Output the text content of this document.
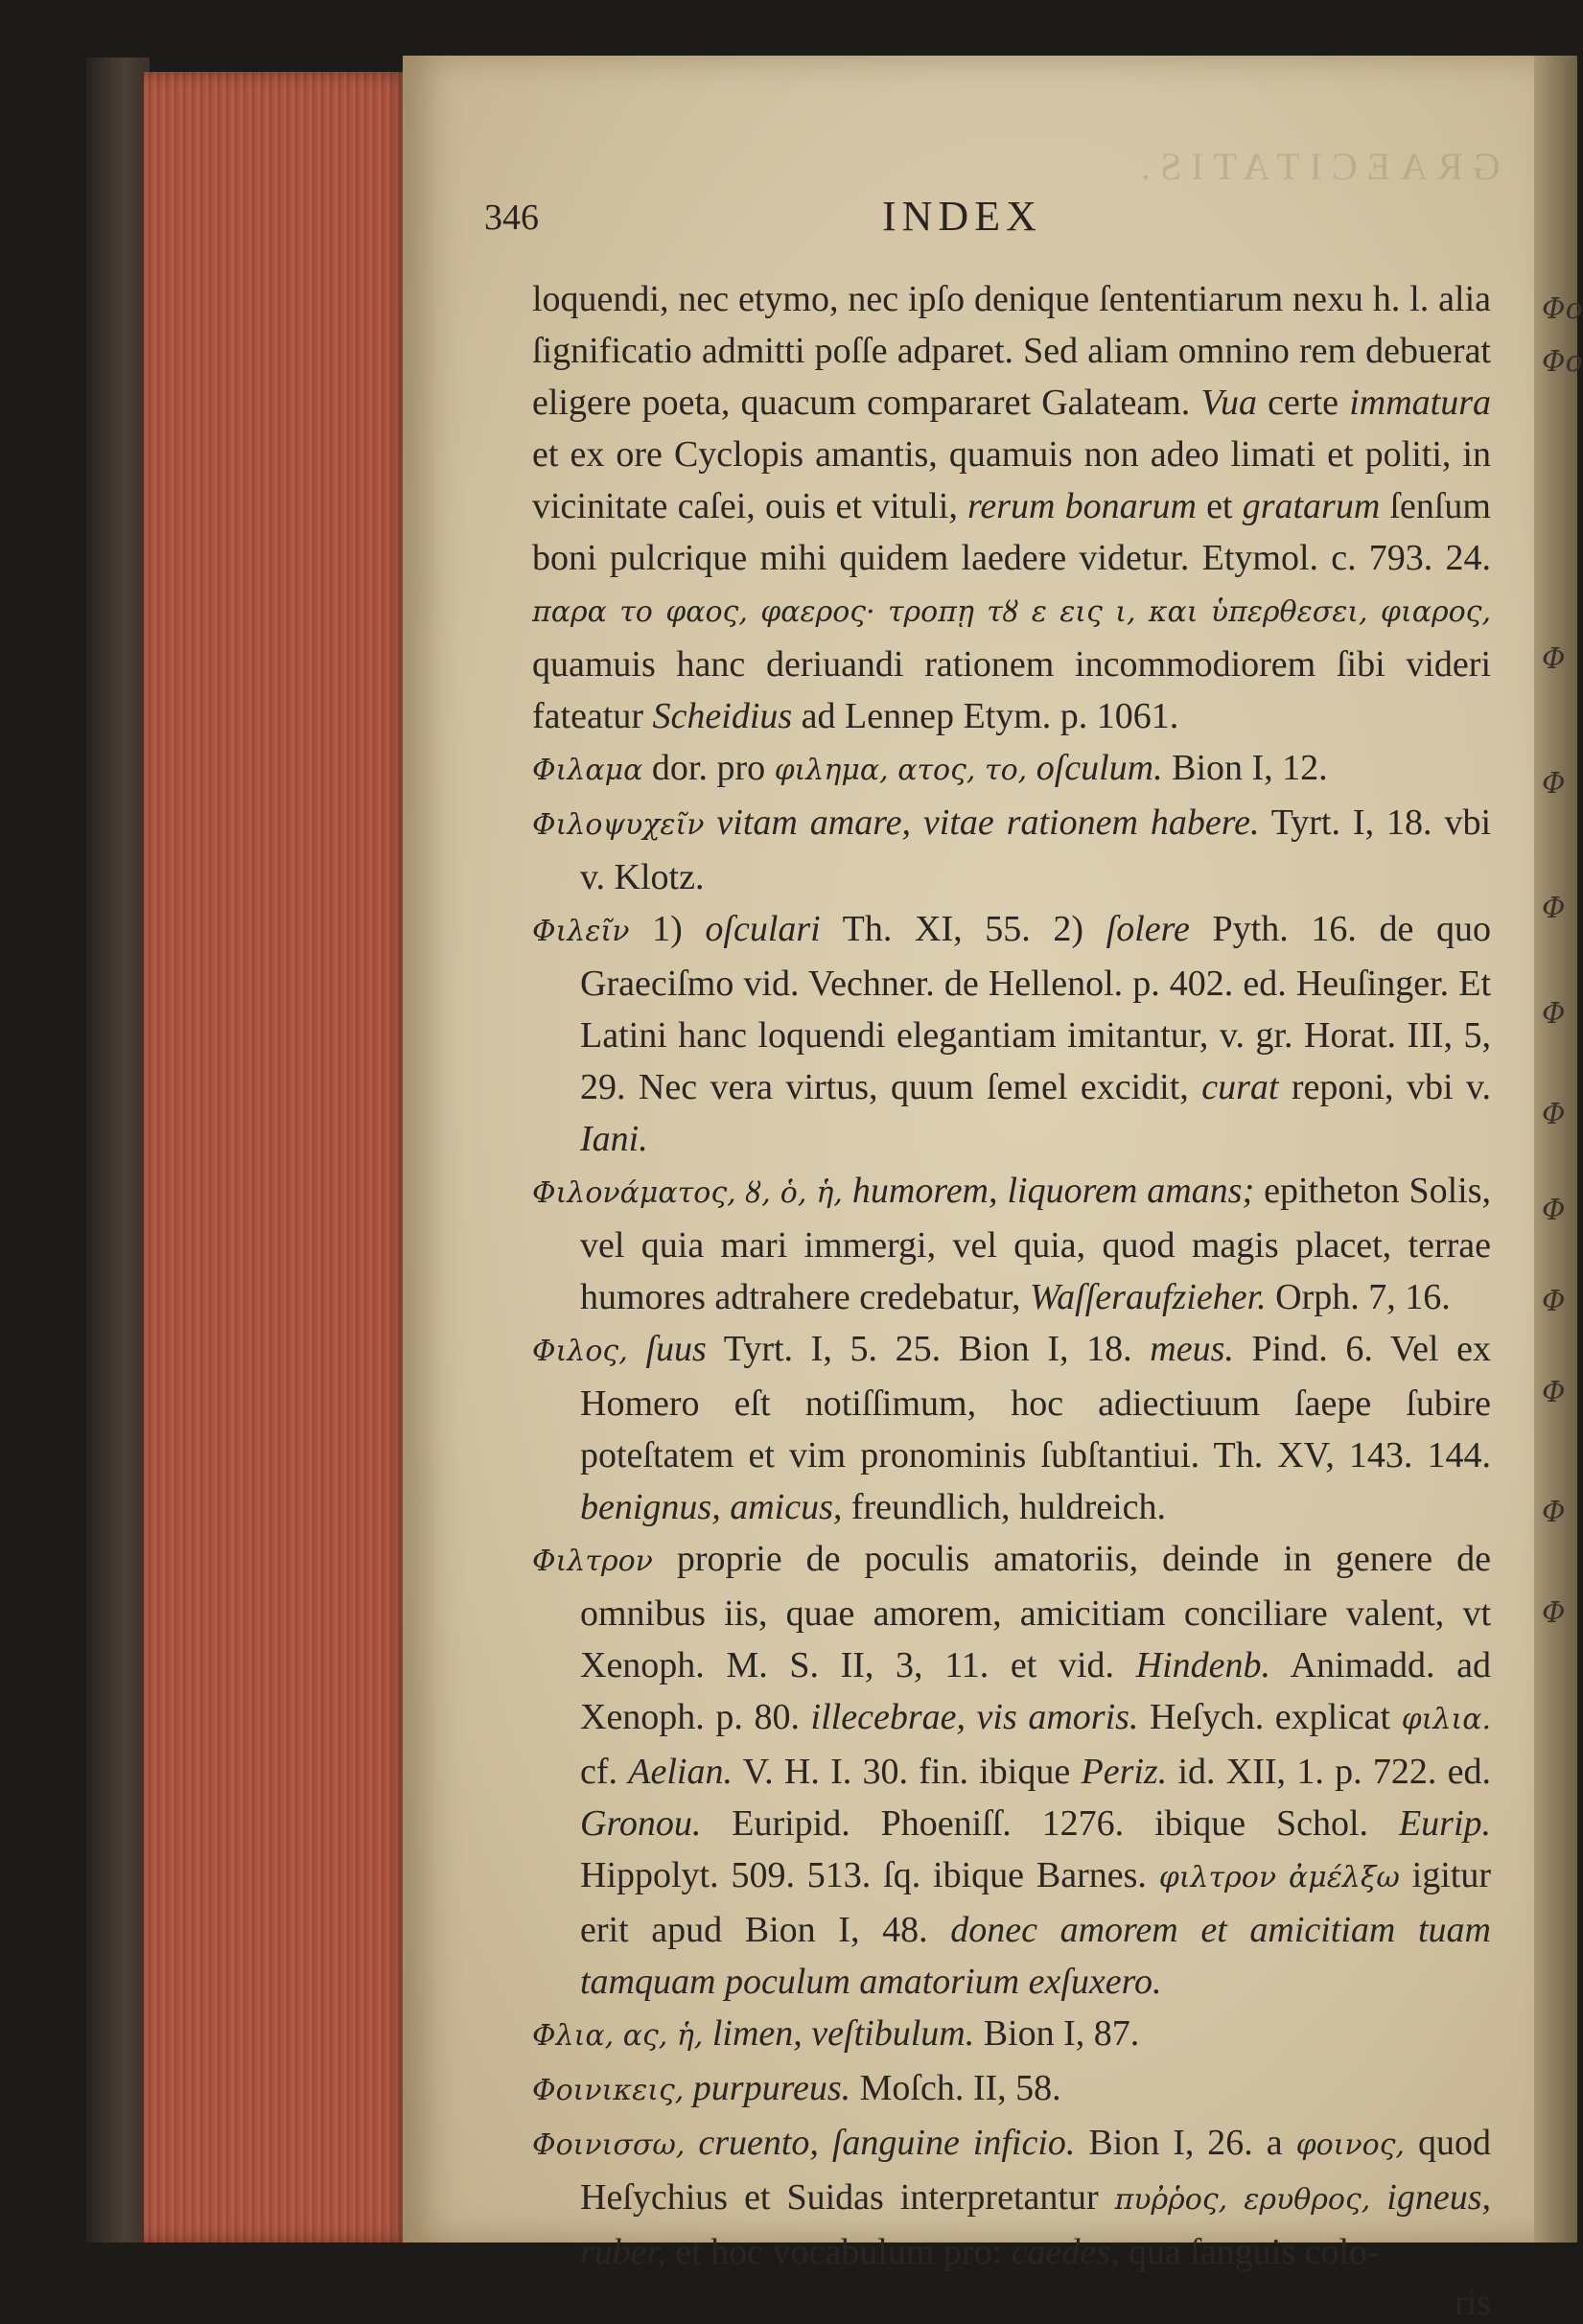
GRAECITATIS.
346	INDEX

loquendi, nec etymo, nec ipſo denique ſententiarum nexu h. l. alia ſignificatio admitti poſſe adparet. Sed aliam omnino rem debuerat eligere poeta, quacum compararet Galateam. Vua certe immatura et ex ore Cyclopis amantis, quamuis non adeo limati et politi, in vicinitate caſei, ouis et vituli, rerum bonarum et gratarum ſenſum boni pulcrique mihi quidem laedere videtur. Etymol. c. 793. 24. παρα το φαος, φαερος· τροπῃ τȣ ε εις ι, και ὑπερθεσει, φιαρος, quamuis hanc deriuandi rationem incommodiorem ſibi videri fateatur Scheidius ad Lennep Etym. p. 1061.

Φιλαμα dor. pro φιλημα, ατος, το, oſculum. Bion I, 12.

Φιλοψυχεῖν vitam amare, vitae rationem habere. Tyrt. I, 18. vbi v. Klotz.

Φιλεῖν 1) oſculari Th. XI, 55. 2) ſolere Pyth. 16. de quo Graeciſmo vid. Vechner. de Hellenol. p. 402. ed. Heuſinger. Et Latini hanc loquendi elegantiam imitantur, v. gr. Horat. III, 5, 29. Nec vera virtus, quum ſemel excidit, curat reponi, vbi v. Iani.

Φιλονάματος, ȣ, ὁ, ἡ, humorem, liquorem amans; epitheton Solis, vel quia mari immergi, vel quia, quod magis placet, terrae humores adtrahere credebatur, Waſſeraufzieher. Orph. 7, 16.

Φιλος, ſuus Tyrt. I, 5. 25. Bion I, 18. meus. Pind. 6. Vel ex Homero eſt notiſſimum, hoc adiectiuum ſaepe ſubire poteſtatem et vim pronominis ſubſtantiui. Th. XV, 143. 144. benignus, amicus, freundlich, huldreich.

Φιλτρον proprie de poculis amatoriis, deinde in genere de omnibus iis, quae amorem, amicitiam conciliare valent, vt Xenoph. M. S. II, 3, 11. et vid. Hindenb. Animadd. ad Xenoph. p. 80. illecebrae, vis amoris. Heſych. explicat φιλια. cf. Aelian. V. H. I. 30. fin. ibique Periz. id. XII, 1. p. 722. ed. Gronou. Euripid. Phoeniſſ. 1276. ibique Schol. Eurip. Hippolyt. 509. 513. ſq. ibique Barnes. φιλτρον ἀμέλξω igitur erit apud Bion I, 48. donec amorem et amicitiam tuam tamquam poculum amatorium exſuxero.

Φλια, ας, ἡ, limen, veſtibulum. Bion I, 87.

Φοινικεις, purpureus. Moſch. II, 58.

Φοινισσω, cruento, ſanguine inficio. Bion I, 26. a φοινος, quod Heſychius et Suidas interpretantur πυῤῥος, ερυθρος, igneus, ruber, et hoc vocabulum pro: caedes, qua ſanguis colo-

Φο
Φο
Φ
Φ
Φ
Φ
Φ
Φ
Φ
Φ
Φ
Φ
ris
